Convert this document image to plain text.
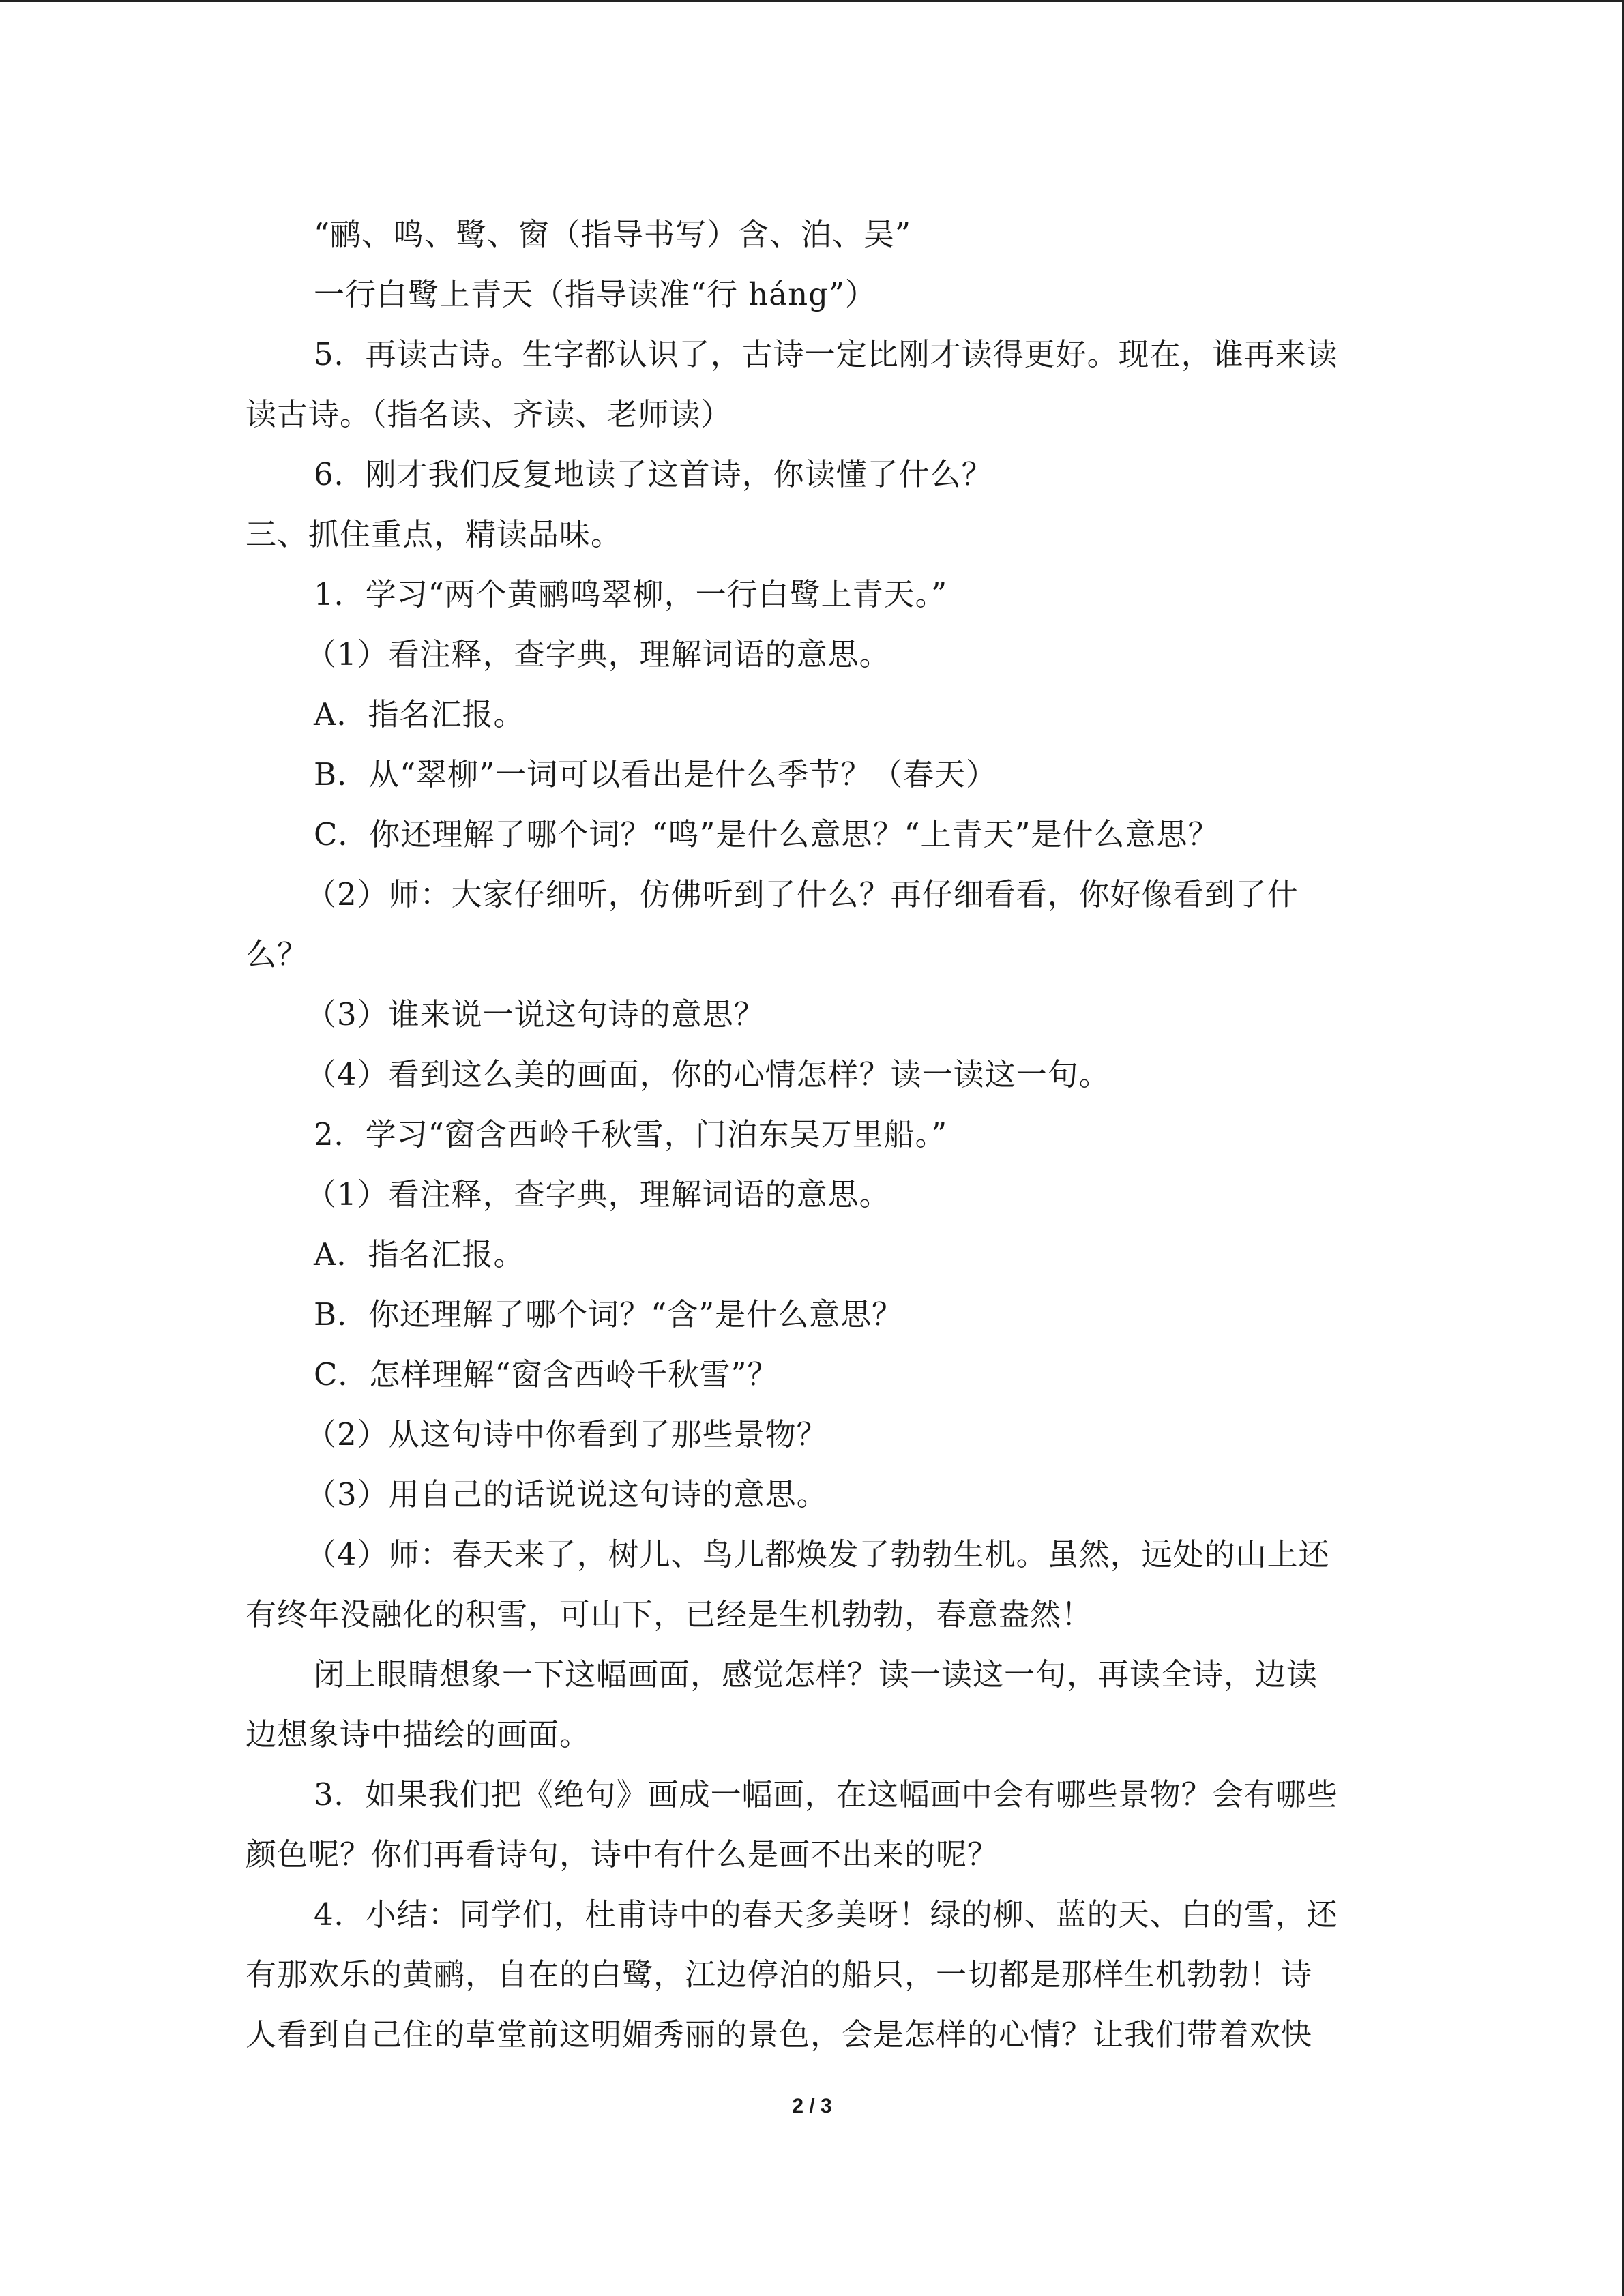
“鹂、鸣、鹭、窗（指导书写）含、泊、吴”
一行白鹭上青天（指导读准“行 háng”）
5．再读古诗。生字都认识了，古诗一定比刚才读得更好。现在，谁再来读
读古诗。（指名读、齐读、老师读）
6．刚才我们反复地读了这首诗，你读懂了什么？
三、抓住重点，精读品味。
1．学习“两个黄鹂鸣翠柳，一行白鹭上青天。”
（1）看注释，查字典，理解词语的意思。
A．指名汇报。
B．从“翠柳”一词可以看出是什么季节？（春天）
C．你还理解了哪个词？“鸣”是什么意思？“上青天”是什么意思？
（2）师：大家仔细听，仿佛听到了什么？再仔细看看，你好像看到了什
么？
（3）谁来说一说这句诗的意思？
（4）看到这么美的画面，你的心情怎样？读一读这一句。
2．学习“窗含西岭千秋雪，门泊东吴万里船。”
（1）看注释，查字典，理解词语的意思。
A．指名汇报。
B．你还理解了哪个词？“含”是什么意思？
C．怎样理解“窗含西岭千秋雪”？
（2）从这句诗中你看到了那些景物？
（3）用自己的话说说这句诗的意思。
（4）师：春天来了，树儿、鸟儿都焕发了勃勃生机。虽然，远处的山上还
有终年没融化的积雪，可山下，已经是生机勃勃，春意盎然！
闭上眼睛想象一下这幅画面，感觉怎样？读一读这一句，再读全诗，边读
边想象诗中描绘的画面。
3．如果我们把《绝句》画成一幅画，在这幅画中会有哪些景物？会有哪些
颜色呢？你们再看诗句，诗中有什么是画不出来的呢？
4．小结：同学们，杜甫诗中的春天多美呀！绿的柳、蓝的天、白的雪，还
有那欢乐的黄鹂，自在的白鹭，江边停泊的船只，一切都是那样生机勃勃！诗
人看到自己住的草堂前这明媚秀丽的景色，会是怎样的心情？让我们带着欢快
2 / 3
